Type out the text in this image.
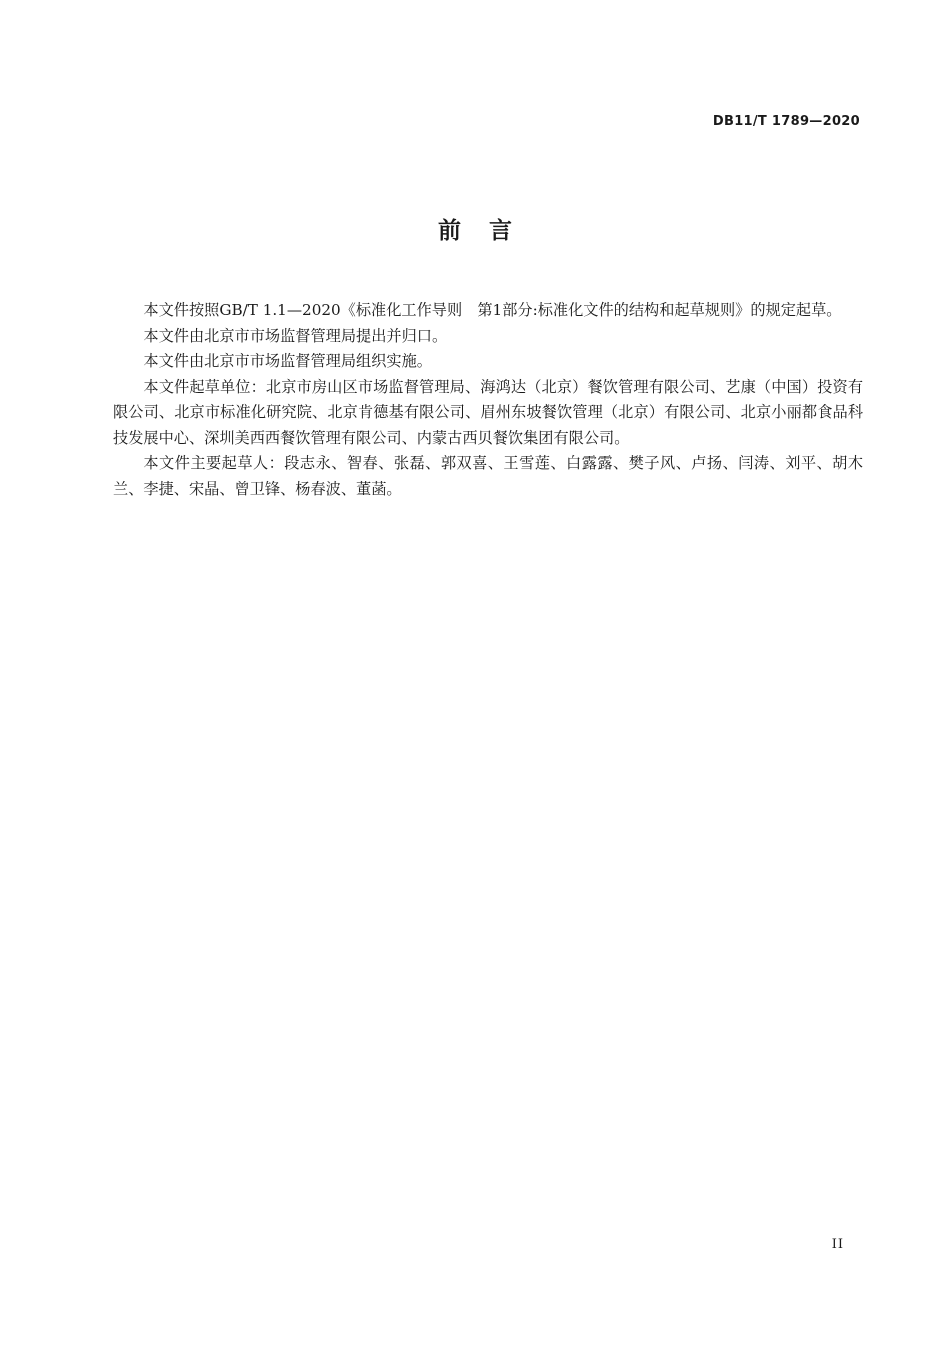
DB11/T 1789—2020
前言

本文件按照GB/T 1.1—2020《标准化工作导则　第1部分:标准化文件的结构和起草规则》的规定起草。

本文件由北京市市场监督管理局提出并归口。

本文件由北京市市场监督管理局组织实施。

本文件起草单位：北京市房山区市场监督管理局、海鸿达（北京）餐饮管理有限公司、艺康（中国）投资有限公司、北京市标准化研究院、北京肯德基有限公司、眉州东坡餐饮管理（北京）有限公司、北京小丽都食品科技发展中心、深圳美西西餐饮管理有限公司、内蒙古西贝餐饮集团有限公司。

本文件主要起草人：段志永、智春、张磊、郭双喜、王雪莲、白露露、樊子风、卢扬、闫涛、刘平、胡木兰、李捷、宋晶、曾卫锋、杨春波、董菡。

II
